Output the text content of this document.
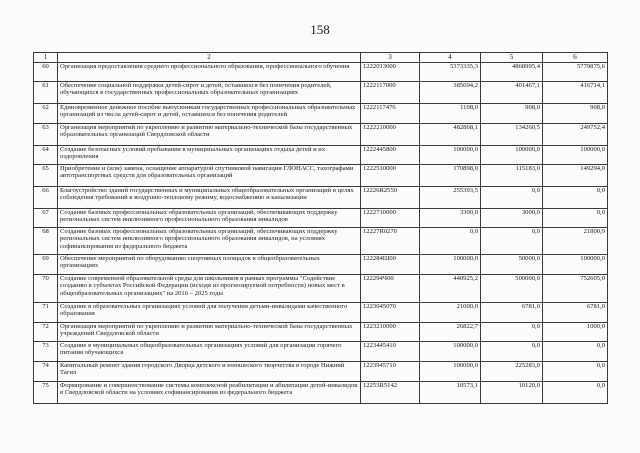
158
1	2	3	4	5	6
60	Организация предоставления среднего профессионального образования, профессионального обучения	1222013000	5373335,3	4868995,4	5779875,6
61	Обеспечение социальной поддержки детей-сирот и детей, оставшихся без попечения родителей, обучающихся в государственных профессиональных образовательных организациях	1222117000	385694,2	401467,1	416714,1
62	Единовременное денежное пособие выпускникам государственных профессиональных образовательных организаций из числа детей-сирот и детей, оставшихся без попечения родителей	1222117476	1108,0	908,0	908,0
63	Организация мероприятий по укреплению и развитию материально-технической базы государственных образовательных организаций Свердловской области	1222210000	482868,1	134260,5	249752,4
64	Создание безопасных условий пребывания в муниципальных организациях отдыха детей и их оздоровления	1222445800	100000,0	100000,0	100000,0
65	Приобретение и (или) замена, оснащение аппаратурой спутниковой навигации ГЛОНАСС, тахографами автотранспортных средств для образовательных организаций	1222510000	170898,0	115183,0	149294,0
66	Благоустройство зданий государственных и муниципальных общеобразовательных организаций в целях соблюдения требований к воздушно-тепловому режиму, водоснабжению и канализации	12226R2550	255393,5	0,0	0,0
67	Создание базовых профессиональных образовательных организаций, обеспечивающих поддержку региональных систем инклюзивного профессионального образования инвалидов	1222710000	3300,0	3000,0	0,0
68	Создание базовых профессиональных образовательных организаций, обеспечивающих поддержку региональных систем инклюзивного профессионального образования инвалидов, на условиях софинансирования из федерального бюджета	12227R0270	0,0	0,0	21800,9
69	Обеспечение мероприятий по оборудованию спортивных площадок в общеобразовательных организациях	122284Ш00	100000,0	50000,0	100000,0
70	Создание современной образовательной среды для школьников в рамках программы "Содействие созданию в субъектах Российской Федерации (исходя из прогнозируемой потребности) новых мест в общеобразовательных организациях" на 2016 – 2025 годы	122294Ч00	440925,2	500000,0	752605,0
71	Создание в образовательных организациях условий для получения детьми-инвалидами качественного образования	1223045070	21000,0	6781,0	6781,0
72	Организация мероприятий по укреплению и развитию материально-технической базы государственных учреждений Свердловской области	1223210000	26822,7	0,0	1000,0
73	Создание в муниципальных общеобразовательных организациях условий для организации горячего питания обучающихся	1223445410	100000,0	0,0	0,0
74	Капитальный ремонт здания городского Дворца детского и юношеского творчества в городе Нижний Тагил	1223945710	100000,0	225283,0	0,0
75	Формирование и совершенствование системы комплексной реабилитации и абилитации детей-инвалидов в Свердловской области на условиях софинансирования из федерального бюджета	12253R5142	10573,1	10120,0	0,0
